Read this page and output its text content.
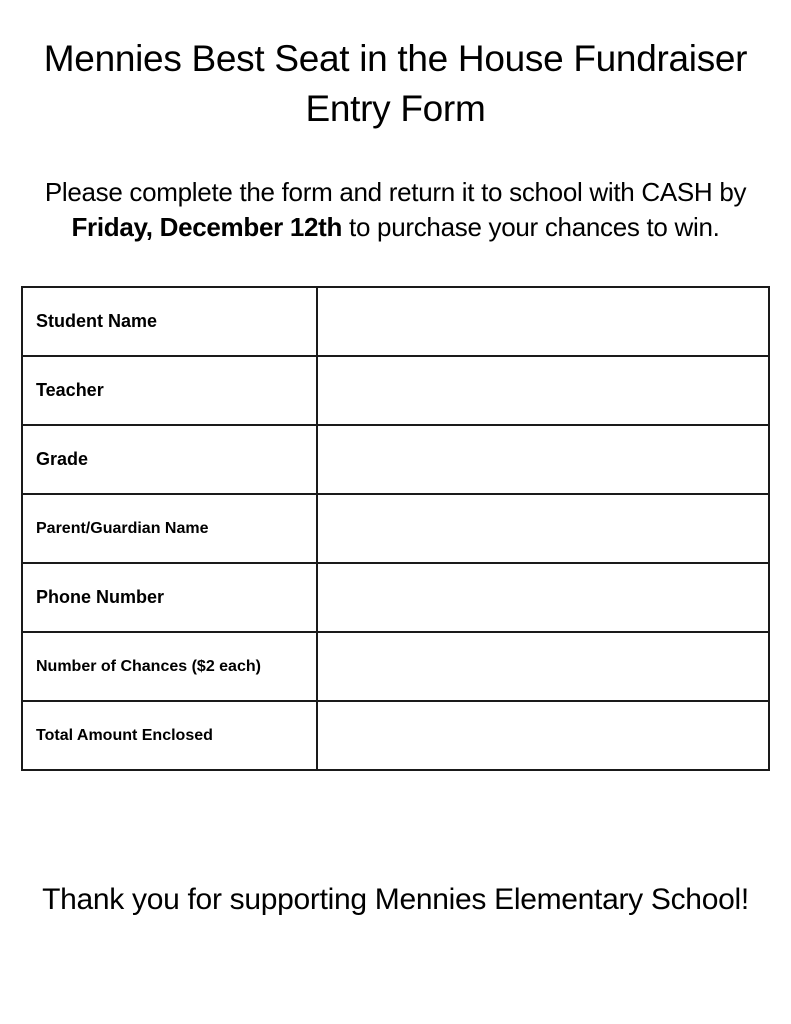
Mennies Best Seat in the House Fundraiser
Entry Form
Please complete the form and return it to school with CASH by
Friday, December 12th to purchase your chances to win.
Student Name	
Teacher	
Grade	
Parent/Guardian Name	
Phone Number	
Number of Chances ($2 each)	
Total Amount Enclosed	
Thank you for supporting Mennies Elementary School!
